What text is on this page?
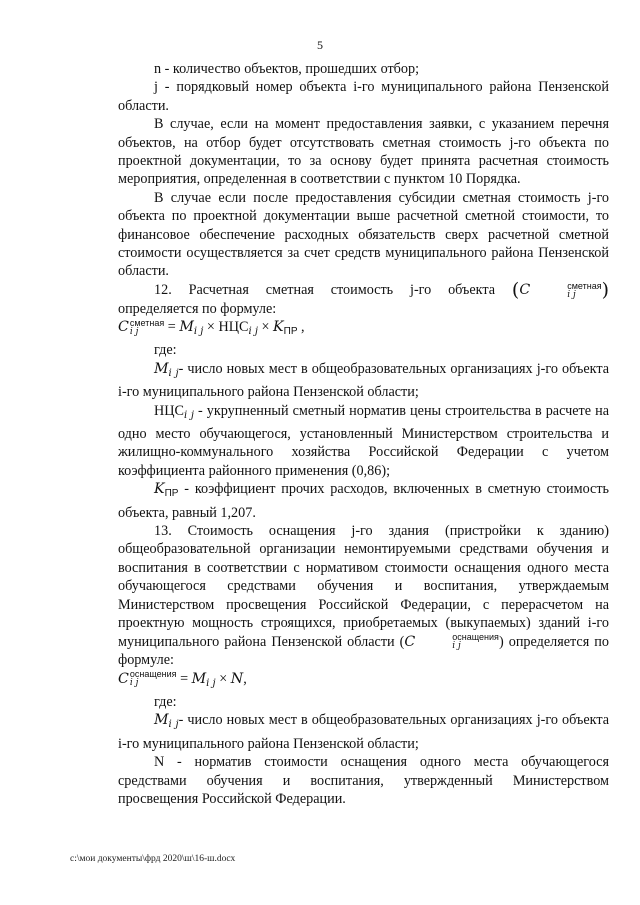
5

n - количество объектов, прошедших отбор;

j - порядковый номер объекта i-го муниципального района Пензенской области.

В случае, если на момент предоставления заявки, с указанием перечня объектов, на отбор будет отсутствовать сметная стоимость j-го объекта по проектной документации, то за основу будет принята расчетная стоимость мероприятия, определенная в соответствии с пунктом 10 Порядка.

В случае если после предоставления субсидии сметная стоимость j-го объекта по проектной документации выше расчетной сметной стоимости, то финансовое обеспечение расходных обязательств сверх расчетной сметной стоимости осуществляется за счет средств муниципального района Пензенской области.

12. Расчетная сметная стоимость j-го объекта (C	сметная
i j	) определяется по формуле:

C сметная
i j	= $M_{i j} \times НЦС_{i j} \times K_{ПР}$ ,

где:

$M_{i j}-$ число новых мест в общеобразовательных организациях j-го объекта i-го муниципального района Пензенской области;

$НЦС_{i j}$ - укрупненный сметный норматив цены строительства в расчете на одно место обучающегося, установленный Министерством строительства и жилищно-коммунального хозяйства Российской Федерации с учетом коэффициента районного применения (0,86);

$K_{ПР}$ - коэффициент прочих расходов, включенных в сметную стоимость объекта, равный 1,207.

13. Стоимость оснащения j-го здания (пристройки к зданию) общеобразовательной организации немонтируемыми средствами обучения и воспитания в соответствии с нормативом стоимости оснащения одного места обучающегося средствами обучения и воспитания, утверждаемым Министерством просвещения Российской Федерации, с перерасчетом на проектную мощность строящихся, приобретаемых (выкупаемых) зданий i-го муниципального района Пензенской области (C	оснащения
i j	) определяется по формуле:

C оснащения
i j	= $M_{i j} \times N$,

где:

$M_{i j}-$ число новых мест в общеобразовательных организациях j-го объекта i-го муниципального района Пензенской области;

N - норматив стоимости оснащения одного места обучающегося средствами обучения и воспитания, утвержденный Министерством просвещения Российской Федерации.

c:\мои документы\фрд 2020\ш\16-ш.docx
